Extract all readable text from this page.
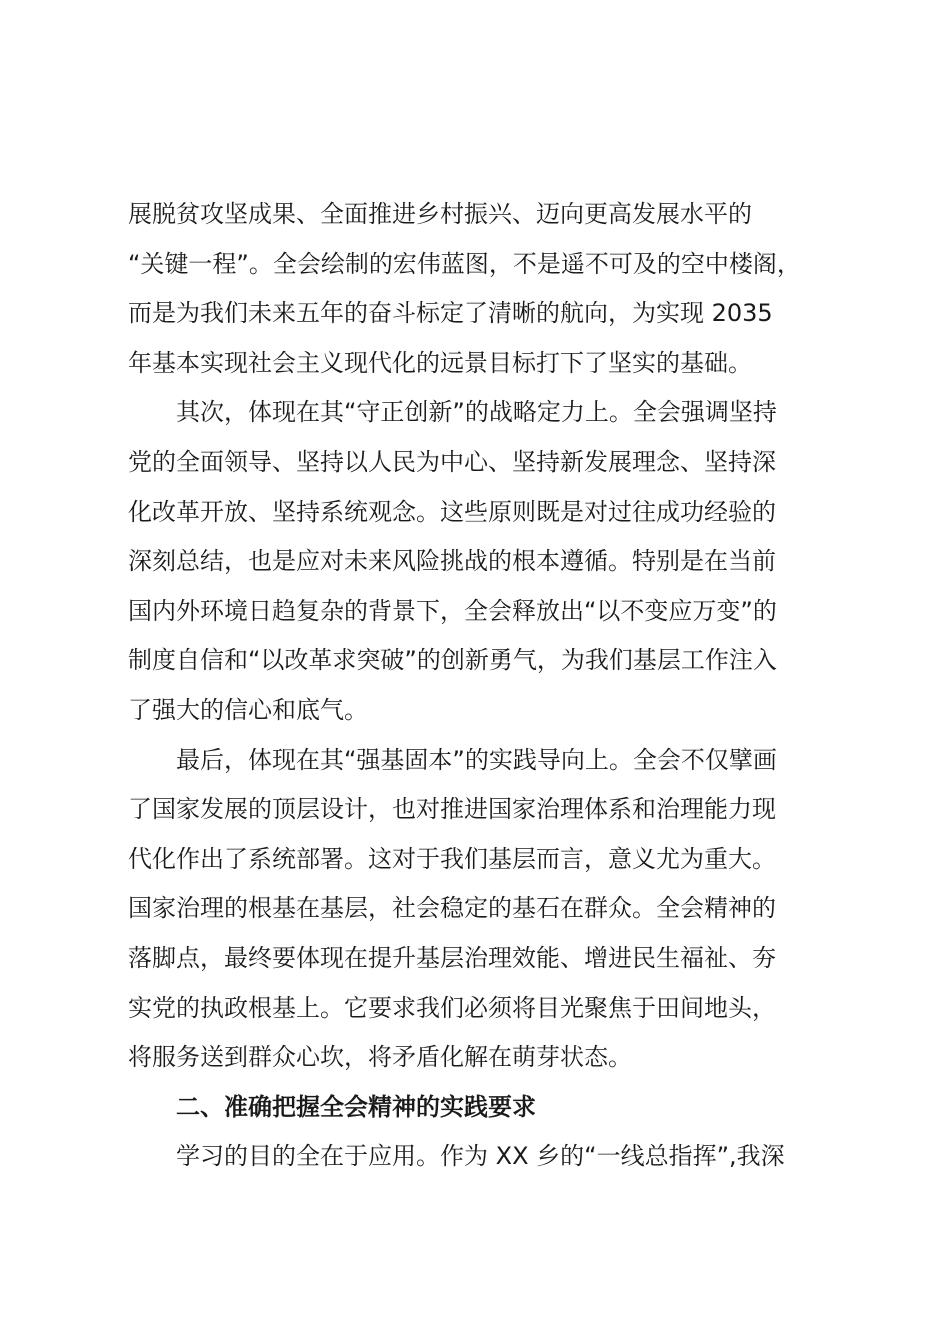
展脱贫攻坚成果、全面推进乡村振兴、迈向更高发展水平的
“关键一程”。全会绘制的宏伟蓝图，不是遥不可及的空中楼阁，
而是为我们未来五年的奋斗标定了清晰的航向，为实现 2035
年基本实现社会主义现代化的远景目标打下了坚实的基础。
其次，体现在其“守正创新”的战略定力上。全会强调坚持
党的全面领导、坚持以人民为中心、坚持新发展理念、坚持深
化改革开放、坚持系统观念。这些原则既是对过往成功经验的
深刻总结，也是应对未来风险挑战的根本遵循。特别是在当前
国内外环境日趋复杂的背景下，全会释放出“以不变应万变”的
制度自信和“以改革求突破”的创新勇气，为我们基层工作注入
了强大的信心和底气。
最后，体现在其“强基固本”的实践导向上。全会不仅擘画
了国家发展的顶层设计，也对推进国家治理体系和治理能力现
代化作出了系统部署。这对于我们基层而言，意义尤为重大。
国家治理的根基在基层，社会稳定的基石在群众。全会精神的
落脚点，最终要体现在提升基层治理效能、增进民生福祉、夯
实党的执政根基上。它要求我们必须将目光聚焦于田间地头，
将服务送到群众心坎，将矛盾化解在萌芽状态。
二、准确把握全会精神的实践要求
学习的目的全在于应用。作为 XX 乡的“一线总指挥”,我深
